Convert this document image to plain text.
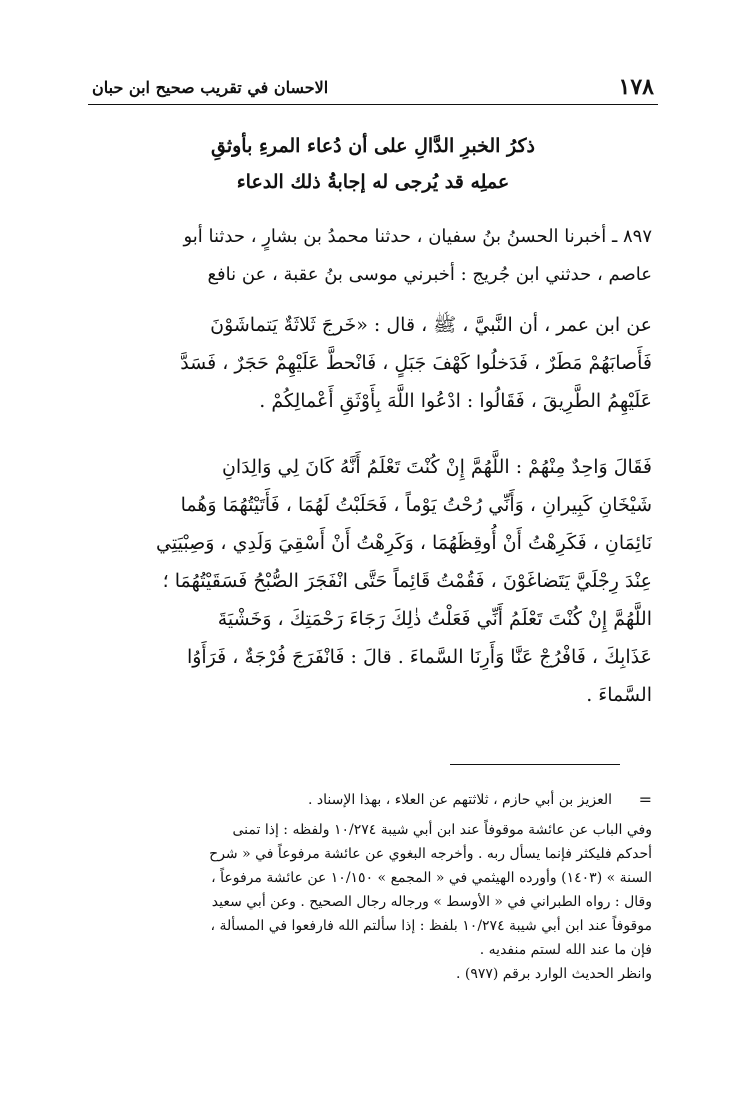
١٧٨
الاحسان في تقريب صحيح ابن حبان
ذكرُ الخبرِ الدَّالِ على أن دُعاء المرءِ بأوثقِ
عملِه قد يُرجى له إجابةُ ذلك الدعاء
٨٩٧ ـ أخبرنا الحسنُ بنُ سفيان ، حدثنا محمدُ بن بشارٍ ، حدثنا أبو
عاصم ، حدثني ابن جُريج : أخبرني موسى بنُ عقبة ، عن نافع
عن ابن عمر ، أن النَّبيَّ ، ﷺ ، قال : «خَرجَ ثَلاثَةٌ يَتماشَوْنَ
فَأَصابَهُمْ مَطَرٌ ، فَدَخلُوا كَهْفَ جَبَلٍ ، فَانْحطَّ عَلَيْهِمْ حَجَرٌ ، فَسَدَّ
عَلَيْهِمُ الطَّرِيقَ ، فَقَالُوا : ادْعُوا اللَّهَ بِأَوْثَقِ أَعْمالِكُمْ .
فَقَالَ وَاحِدٌ مِنْهُمْ : اللَّهُمَّ إِنْ كُنْتَ تَعْلَمُ أَنَّهُ كَانَ لِي وَالِدَانِ
شَيْخَانِ كَبِيرانِ ، وَأَنِّي رُحْتُ يَوْماً ، فَحَلَبْتُ لَهُمَا ، فَأَتَيْتُهُمَا وَهُما
نَائِمَانِ ، فَكَرِهْتُ أَنْ أُوقِظَهُمَا ، وَكَرِهْتُ أَنْ أَسْقِيَ وَلَدِي ، وَصِبْيَتِي
عِنْدَ رِجْلَيَّ يَتَضاغَوْنَ ، فَقُمْتُ قَائِماً حَتَّى انْفَجَرَ الصُّبْحُ فَسَقَيْتُهُمَا ؛
اللَّهُمَّ إِنْ كُنْتَ تَعْلَمُ أَنِّي فَعَلْتُ ذٰلِكَ رَجَاءَ رَحْمَتِكَ ، وَخَشْيَةَ
عَذَابِكَ ، فَافْرُجْ عَنَّا وَأَرِنَا السَّماءَ . قالَ : فَانْفَرَجَ فُرْجَةٌ ، فَرَأَوُا
السَّماءَ .
=
العزيز بن أبي حازم ، ثلاثتهم عن العلاء ، بهذا الإسناد .
وفي الباب عن عائشة موقوفاً عند ابن أبي شيبة ١٠/٢٧٤ ولفظه : إذا تمنى
أحدكم فليكثر فإنما يسأل ربه . وأخرجه البغوي عن عائشة مرفوعاً في « شرح
السنة » (١٤٠٣) وأورده الهيثمي في « المجمع » ١٠/١٥٠ عن عائشة مرفوعاً ،
وقال : رواه الطبراني في « الأوسط » ورجاله رجال الصحيح . وعن أبي سعيد
موقوفاً عند ابن أبي شيبة ١٠/٢٧٤ بلفظ : إذا سألتم الله فارفعوا في المسألة ،
فإن ما عند الله لستم منفديه .
وانظر الحديث الوارد برقم (٩٧٧) .
